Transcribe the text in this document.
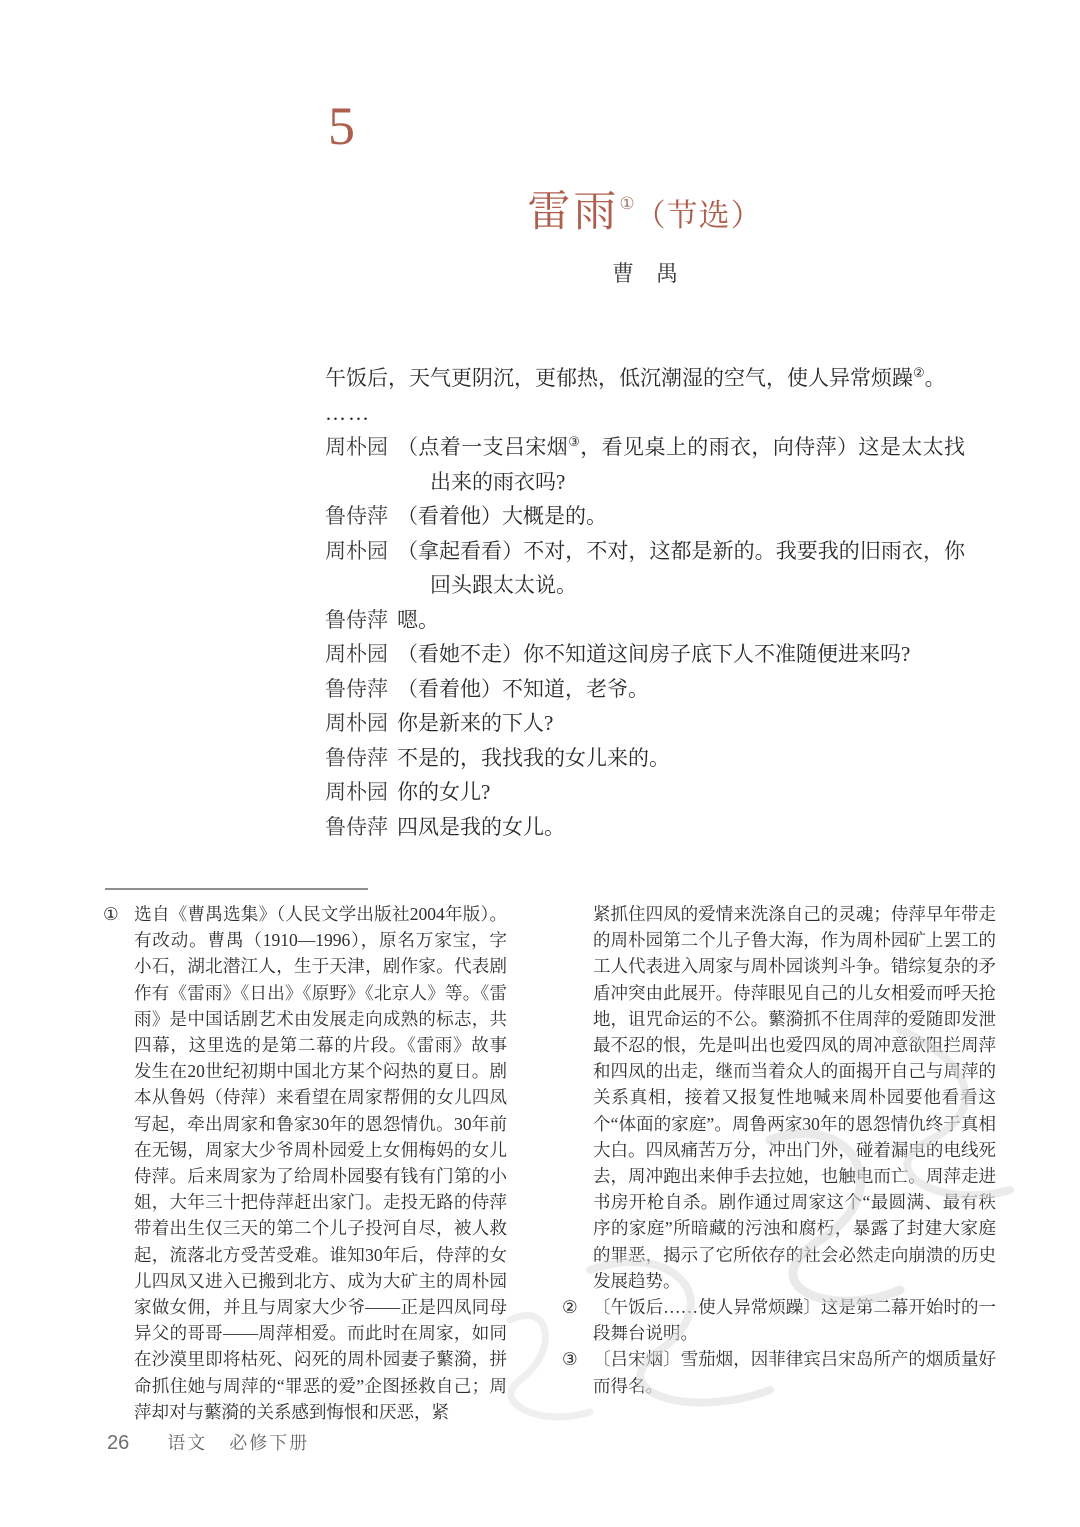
5
雷雨①（节选）
曹　禺

午饭后，天气更阴沉，更郁热，低沉潮湿的空气，使人异常烦躁②。

……

周朴园 （点着一支吕宋烟③，看见桌上的雨衣，向侍萍）这是太太找出来的雨衣吗?
鲁侍萍 （看着他）大概是的。
周朴园 （拿起看看）不对，不对，这都是新的。我要我的旧雨衣，你回头跟太太说。
鲁侍萍 嗯。
周朴园 （看她不走）你不知道这间房子底下人不准随便进来吗?
鲁侍萍 （看着他）不知道，老爷。
周朴园 你是新来的下人?
鲁侍萍 不是的，我找我的女儿来的。
周朴园 你的女儿?
鲁侍萍 四凤是我的女儿。

① 选自《曹禺选集》（人民文学出版社2004年版）。有改动。曹禺（1910—1996），原名万家宝，字小石，湖北潜江人，生于天津，剧作家。代表剧作有《雷雨》《日出》《原野》《北京人》等。《雷雨》是中国话剧艺术由发展走向成熟的标志，共四幕，这里选的是第二幕的片段。《雷雨》故事发生在20世纪初期中国北方某个闷热的夏日。剧本从鲁妈（侍萍）来看望在周家帮佣的女儿四凤写起，牵出周家和鲁家30年的恩怨情仇。30年前在无锡，周家大少爷周朴园爱上女佣梅妈的女儿侍萍。后来周家为了给周朴园娶有钱有门第的小姐，大年三十把侍萍赶出家门。走投无路的侍萍带着出生仅三天的第二个儿子投河自尽，被人救起，流落北方受苦受难。谁知30年后，侍萍的女儿四凤又进入已搬到北方、成为大矿主的周朴园家做女佣，并且与周家大少爷——正是四凤同母异父的哥哥——周萍相爱。而此时在周家，如同在沙漠里即将枯死、闷死的周朴园妻子蘩漪，拼命抓住她与周萍的“罪恶的爱”企图拯救自己；周萍却对与蘩漪的关系感到悔恨和厌恶，紧

紧抓住四凤的爱情来洗涤自己的灵魂；侍萍早年带走的周朴园第二个儿子鲁大海，作为周朴园矿上罢工的工人代表进入周家与周朴园谈判斗争。错综复杂的矛盾冲突由此展开。侍萍眼见自己的儿女相爱而呼天抢地，诅咒命运的不公。蘩漪抓不住周萍的爱随即发泄最不忍的恨，先是叫出也爱四凤的周冲意欲阻拦周萍和四凤的出走，继而当着众人的面揭开自己与周萍的关系真相，接着又报复性地喊来周朴园要他看看这个“体面的家庭”。周鲁两家30年的恩怨情仇终于真相大白。四凤痛苦万分，冲出门外，碰着漏电的电线死去，周冲跑出来伸手去拉她，也触电而亡。周萍走进书房开枪自杀。剧作通过周家这个“最圆满、最有秩序的家庭”所暗藏的污浊和腐朽，暴露了封建大家庭的罪恶，揭示了它所依存的社会必然走向崩溃的历史发展趋势。

② 〔午饭后……使人异常烦躁〕这是第二幕开始时的一段舞台说明。

③ 〔吕宋烟〕雪茄烟，因菲律宾吕宋岛所产的烟质量好而得名。

26 语文 必修下册
